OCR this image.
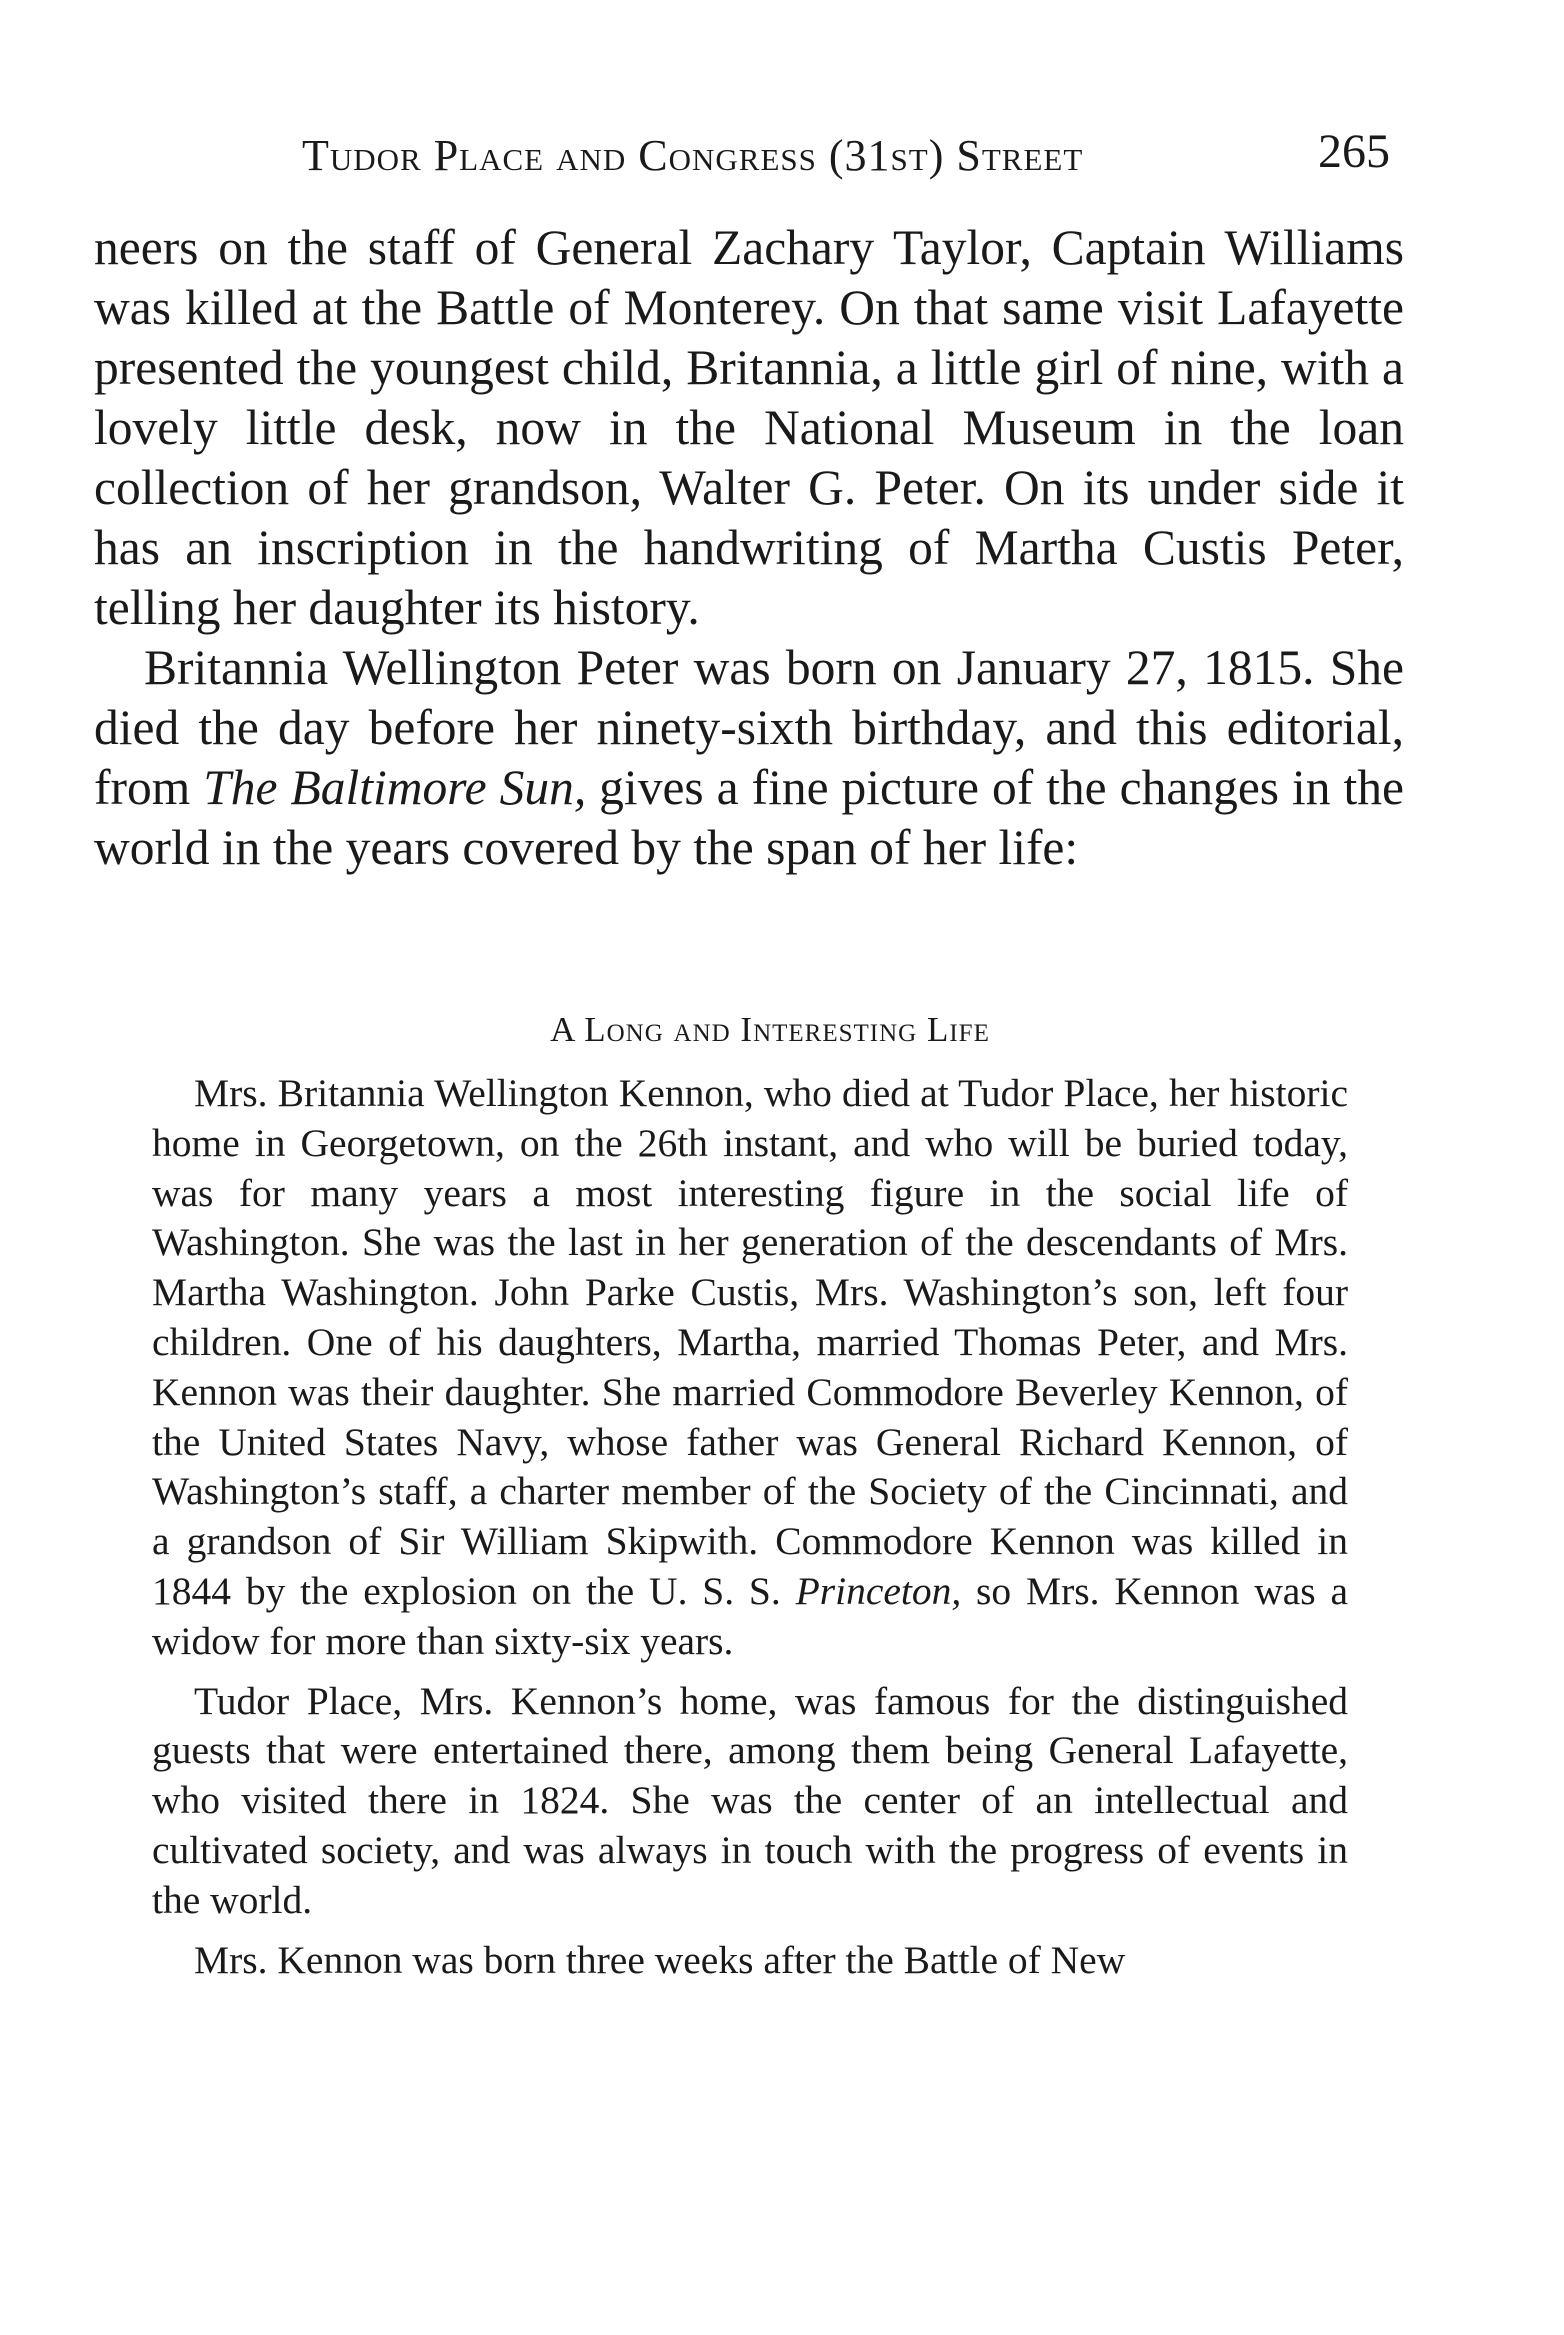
Tudor Place and Congress (31st) Street	265

neers on the staff of General Zachary Taylor, Captain Williams was killed at the Battle of Monterey. On that same visit Lafayette presented the youngest child, Britannia, a little girl of nine, with a lovely little desk, now in the National Museum in the loan collection of her grandson, Walter G. Peter. On its under side it has an inscription in the handwriting of Martha Custis Peter, telling her daughter its history.

Britannia Wellington Peter was born on January 27, 1815. She died the day before her ninety-sixth birthday, and this editorial, from The Baltimore Sun, gives a fine picture of the changes in the world in the years covered by the span of her life:

A Long and Interesting Life

Mrs. Britannia Wellington Kennon, who died at Tudor Place, her historic home in Georgetown, on the 26th instant, and who will be buried today, was for many years a most interesting figure in the social life of Washington. She was the last in her generation of the descendants of Mrs. Martha Washington. John Parke Custis, Mrs. Washington’s son, left four children. One of his daughters, Martha, married Thomas Peter, and Mrs. Kennon was their daughter. She married Commodore Beverley Kennon, of the United States Navy, whose father was General Richard Kennon, of Washington’s staff, a charter member of the Society of the Cincinnati, and a grandson of Sir William Skipwith. Commodore Kennon was killed in 1844 by the explosion on the U. S. S. Princeton, so Mrs. Kennon was a widow for more than sixty-six years.

Tudor Place, Mrs. Kennon’s home, was famous for the distinguished guests that were entertained there, among them being General Lafayette, who visited there in 1824. She was the center of an intellectual and cultivated society, and was always in touch with the progress of events in the world.

Mrs. Kennon was born three weeks after the Battle of New
